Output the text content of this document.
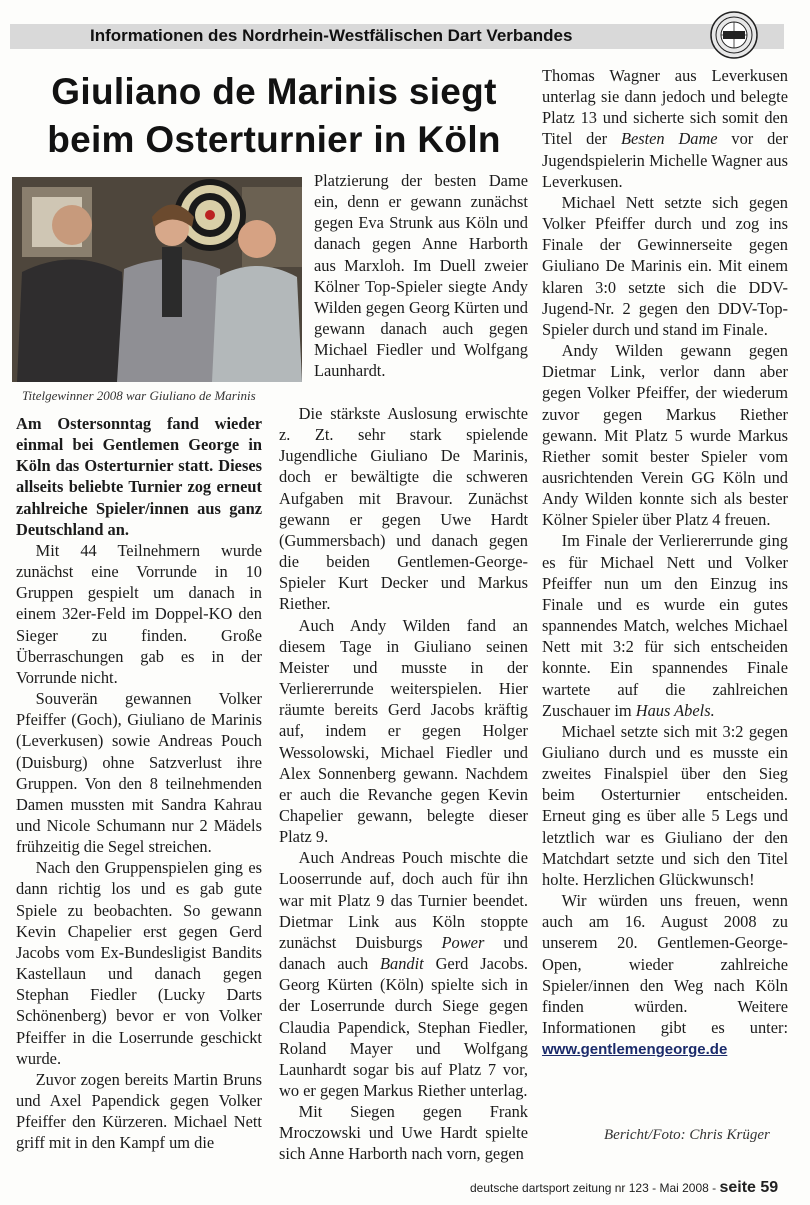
Informationen des Nordrhein-Westfälischen Dart Verbandes
Giuliano de Marinis siegt
beim Osterturnier in Köln
Titelgewinner 2008 war Giuliano de Marinis

Am Ostersonntag fand wieder einmal bei Gentlemen George in Köln das Osterturnier statt. Dieses allseits beliebte Turnier zog erneut zahlreiche Spieler/innen aus ganz Deutschland an.

Mit 44 Teilnehmern wurde zunächst eine Vorrunde in 10 Gruppen gespielt um danach in einem 32er-Feld im Doppel-KO den Sieger zu finden. Große Überraschungen gab es in der Vorrunde nicht.

Souverän gewannen Volker Pfeiffer (Goch), Giuliano de Marinis (Leverkusen) sowie Andreas Pouch (Duisburg) ohne Satzverlust ihre Gruppen. Von den 8 teilnehmenden Damen mussten mit Sandra Kahrau und Nicole Schumann nur 2 Mädels frühzeitig die Segel streichen.

Nach den Gruppenspielen ging es dann richtig los und es gab gute Spiele zu beobachten. So gewann Kevin Chapelier erst gegen Gerd Jacobs vom Ex-Bundesligist Bandits Kastellaun und danach gegen Stephan Fiedler (Lucky Darts Schönenberg) bevor er von Volker Pfeiffer in die Loserrunde geschickt wurde.

Zuvor zogen bereits Martin Bruns und Axel Papendick gegen Volker Pfeiffer den Kürzeren. Michael Nett griff mit in den Kampf um die

Platzierung der besten Dame ein, denn er gewann zunächst gegen Eva Strunk aus Köln und danach gegen Anne Harborth aus Marxloh. Im Duell zweier Kölner Top-Spieler siegte Andy Wilden gegen Georg Kürten und gewann danach auch gegen Michael Fiedler und Wolfgang Launhardt.

Die stärkste Auslosung erwischte z. Zt. sehr stark spielende Jugendliche Giuliano De Marinis, doch er bewältigte die schweren Aufgaben mit Bravour. Zunächst gewann er gegen Uwe Hardt (Gummersbach) und danach gegen die beiden Gentlemen-George-Spieler Kurt Decker und Markus Riether.

Auch Andy Wilden fand an diesem Tage in Giuliano seinen Meister und musste in der Verliererrunde weiterspielen. Hier räumte bereits Gerd Jacobs kräftig auf, indem er gegen Holger Wessolowski, Michael Fiedler und Alex Sonnenberg gewann. Nachdem er auch die Revanche gegen Kevin Chapelier gewann, belegte dieser Platz 9.

Auch Andreas Pouch mischte die Looserrunde auf, doch auch für ihn war mit Platz 9 das Turnier beendet. Dietmar Link aus Köln stoppte zunächst Duisburgs Power und danach auch Bandit Gerd Jacobs. Georg Kürten (Köln) spielte sich in der Loserrunde durch Siege gegen Claudia Papendick, Stephan Fiedler, Roland Mayer und Wolfgang Launhardt sogar bis auf Platz 7 vor, wo er gegen Markus Riether unterlag.

Mit Siegen gegen Frank Mroczowski und Uwe Hardt spielte sich Anne Harborth nach vorn, gegen

Thomas Wagner aus Leverkusen unterlag sie dann jedoch und belegte Platz 13 und sicherte sich somit den Titel der Besten Dame vor der Jugendspielerin Michelle Wagner aus Leverkusen.

Michael Nett setzte sich gegen Volker Pfeiffer durch und zog ins Finale der Gewinnerseite gegen Giuliano De Marinis ein. Mit einem klaren 3:0 setzte sich die DDV-Jugend-Nr. 2 gegen den DDV-Top-Spieler durch und stand im Finale.

Andy Wilden gewann gegen Dietmar Link, verlor dann aber gegen Volker Pfeiffer, der wiederum zuvor gegen Markus Riether gewann. Mit Platz 5 wurde Markus Riether somit bester Spieler vom ausrichtenden Verein GG Köln und Andy Wilden konnte sich als bester Kölner Spieler über Platz 4 freuen.

Im Finale der Verliererrunde ging es für Michael Nett und Volker Pfeiffer nun um den Einzug ins Finale und es wurde ein gutes spannendes Match, welches Michael Nett mit 3:2 für sich entscheiden konnte. Ein spannendes Finale wartete auf die zahlreichen Zuschauer im Haus Abels.

Michael setzte sich mit 3:2 gegen Giuliano durch und es musste ein zweites Finalspiel über den Sieg beim Osterturnier entscheiden. Erneut ging es über alle 5 Legs und letztlich war es Giuliano der den Matchdart setzte und sich den Titel holte. Herzlichen Glückwunsch!

Wir würden uns freuen, wenn auch am 16. August 2008 zu unserem 20. Gentlemen-George-Open, wieder zahlreiche Spieler/innen den Weg nach Köln finden würden. Weitere Informationen gibt es unter: www.gentlemengeorge.de

Bericht/Foto: Chris Krüger
deutsche dartsport zeitung nr 123 - Mai 2008 - seite 59
